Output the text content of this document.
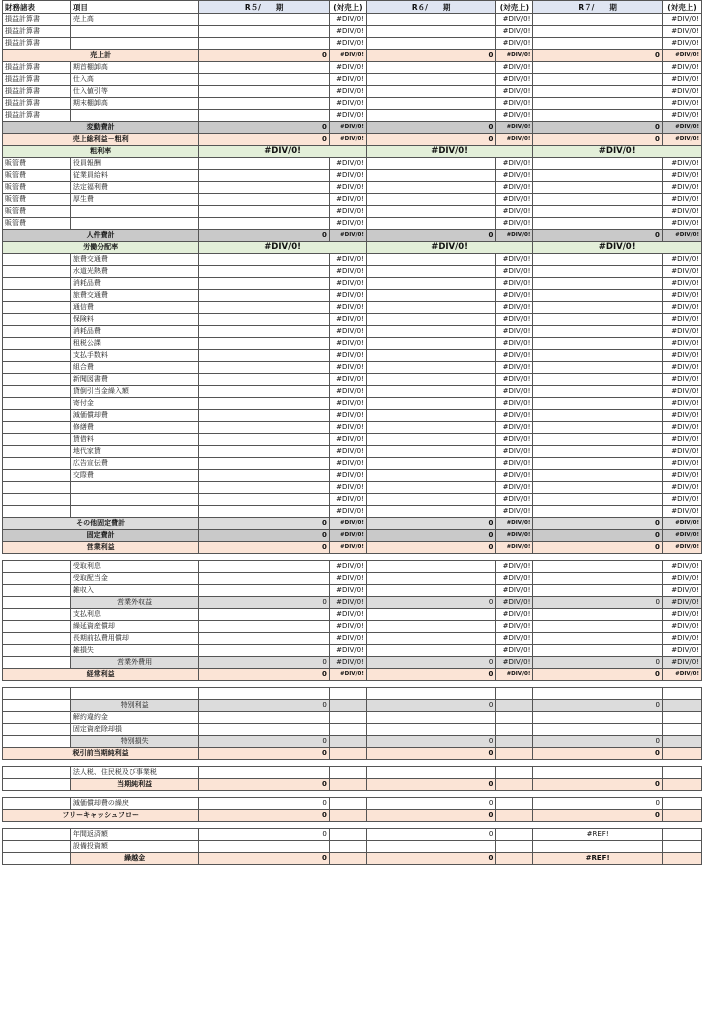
財務諸表	項目	R５/　　期	(対売上)	R６/　　期	(対売上)	R７/　　期	(対売上)
損益計算書	売上高		#DIV/0!		#DIV/0!		#DIV/0!
損益計算書			#DIV/0!		#DIV/0!		#DIV/0!
損益計算書			#DIV/0!		#DIV/0!		#DIV/0!
売上計		0	#DIV/0!	0	#DIV/0!	0	#DIV/0!
損益計算書	期首棚卸高		#DIV/0!		#DIV/0!		#DIV/0!
損益計算書	仕入高		#DIV/0!		#DIV/0!		#DIV/0!
損益計算書	仕入値引等		#DIV/0!		#DIV/0!		#DIV/0!
損益計算書	期末棚卸高		#DIV/0!		#DIV/0!		#DIV/0!
損益計算書			#DIV/0!		#DIV/0!		#DIV/0!
変動費計		0	#DIV/0!	0	#DIV/0!	0	#DIV/0!
売上総利益－粗利		0	#DIV/0!	0	#DIV/0!	0	#DIV/0!
粗利率		#DIV/0!		#DIV/0!		#DIV/0!	
販管費	役員報酬		#DIV/0!		#DIV/0!		#DIV/0!
販管費	従業員給料		#DIV/0!		#DIV/0!		#DIV/0!
販管費	法定福利費		#DIV/0!		#DIV/0!		#DIV/0!
販管費	厚生費		#DIV/0!		#DIV/0!		#DIV/0!
販管費			#DIV/0!		#DIV/0!		#DIV/0!
販管費			#DIV/0!		#DIV/0!		#DIV/0!
人件費計		0	#DIV/0!	0	#DIV/0!	0	#DIV/0!
労働分配率		#DIV/0!		#DIV/0!		#DIV/0!	
	旅費交通費		#DIV/0!		#DIV/0!		#DIV/0!
	水道光熱費		#DIV/0!		#DIV/0!		#DIV/0!
	消耗品費		#DIV/0!		#DIV/0!		#DIV/0!
	旅費交通費		#DIV/0!		#DIV/0!		#DIV/0!
	通信費		#DIV/0!		#DIV/0!		#DIV/0!
	保険料		#DIV/0!		#DIV/0!		#DIV/0!
	消耗品費		#DIV/0!		#DIV/0!		#DIV/0!
	租税公課		#DIV/0!		#DIV/0!		#DIV/0!
	支払手数料		#DIV/0!		#DIV/0!		#DIV/0!
	組合費		#DIV/0!		#DIV/0!		#DIV/0!
	新聞図書費		#DIV/0!		#DIV/0!		#DIV/0!
	貸倒引当金繰入額		#DIV/0!		#DIV/0!		#DIV/0!
	寄付金		#DIV/0!		#DIV/0!		#DIV/0!
	減価償却費		#DIV/0!		#DIV/0!		#DIV/0!
	修繕費		#DIV/0!		#DIV/0!		#DIV/0!
	賃借料		#DIV/0!		#DIV/0!		#DIV/0!
	地代家賃		#DIV/0!		#DIV/0!		#DIV/0!
	広告宣伝費		#DIV/0!		#DIV/0!		#DIV/0!
	交際費		#DIV/0!		#DIV/0!		#DIV/0!
			#DIV/0!		#DIV/0!		#DIV/0!
			#DIV/0!		#DIV/0!		#DIV/0!
			#DIV/0!		#DIV/0!		#DIV/0!
その他固定費計		0	#DIV/0!	0	#DIV/0!	0	#DIV/0!
固定費計		0	#DIV/0!	0	#DIV/0!	0	#DIV/0!
営業利益		0	#DIV/0!	0	#DIV/0!	0	#DIV/0!

	受取利息		#DIV/0!		#DIV/0!		#DIV/0!
	受取配当金		#DIV/0!		#DIV/0!		#DIV/0!
	雑収入		#DIV/0!		#DIV/0!		#DIV/0!
	営業外収益	0	#DIV/0!	0	#DIV/0!	0	#DIV/0!
	支払利息		#DIV/0!		#DIV/0!		#DIV/0!
	繰延資産償却		#DIV/0!		#DIV/0!		#DIV/0!
	長期前払費用償却		#DIV/0!		#DIV/0!		#DIV/0!
	雑損失		#DIV/0!		#DIV/0!		#DIV/0!
	営業外費用	0	#DIV/0!	0	#DIV/0!	0	#DIV/0!
経常利益		0	#DIV/0!	0	#DIV/0!	0	#DIV/0!

	特別利益	0		0		0	
	解約違約金						
	固定資産除却損						
	特別損失	0		0		0	
税引前当期純利益		0		0		0	

	法人税、住民税及び事業税						
	当期純利益	0		0		0	

	減価償却費の繰戻	0		0		0	
フリーキャッシュフロー		0		0		0	

	年間返済額	0		0		#REF!	
	設備投資額						
	繰越金	0		0		#REF!	
